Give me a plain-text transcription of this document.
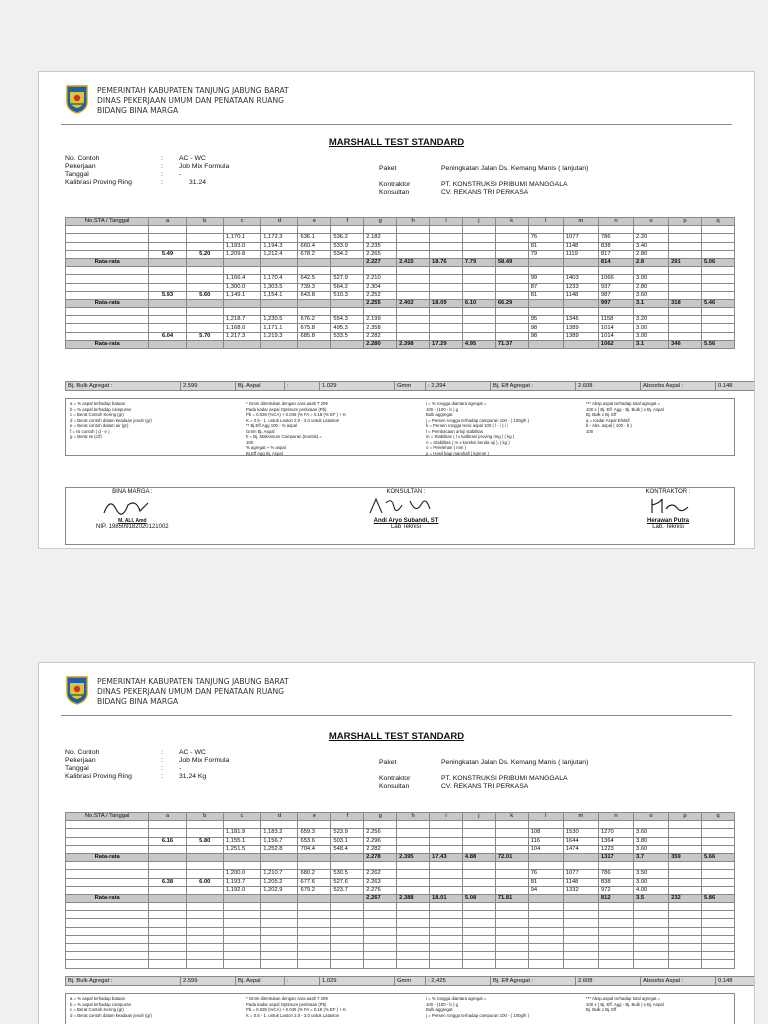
PEMERINTAH KABUPATEN TANJUNG JABUNG BARAT
DINAS PEKERJAAN UMUM DAN PENATAAN RUANG
BIDANG BINA MARGA
MARSHALL TEST STANDARD
No. Contoh	: AC - WC
Pekerjaan	: Job Mix Formula
Tanggal	: -
Kalibrasi Proving Ring	:	31.24
Paket	Peningkatan Jalan Ds. Kemang Manis ( lanjutan)
Kontraktor	PT. KONSTRUKSI PRIBUMI MANGGALA
Konsultan	CV. REKANS TRI PERKASA
No.STA / Tanggal	a	b	c	d	e	f	g	h	i	j	k	l	m	n	o	p	q

			1,170.1	1,172.3	636.1	536.2	2.182					76	1077	786	2.20		
			1,193.0	1,194.3	660.4	533.9	2.235					81	1148	838	3.40		
	5.49	5.20	1,209.8	1,212.4	678.2	534.2	2.265					79	1119	817	2.80		
Rata-rata							2.227	2.415	18.76	7.79	58.49			814	2.8	291	5.06

			1,166.4	1,170.4	642.5	527.9	2.210					99	1403	1066	3.00		
			1,300.0	1,303.5	739.3	564.2	2.304					87	1233	937	2.80		
	5.93	5.60	1,149.1	1,154.1	643.8	510.3	2.252					81	1148	987	3.60		
Rata-rata							2.255	2.402	18.09	6.10	66.29			997	3.1	318	5.46

			1,218.7	1,230.5	676.2	554.3	2.199					95	1346	1158	3.20		
			1,168.0	1,171.1	675.8	495.3	2.358					98	1389	1014	3.00		
	6.04	5.70	1,217.3	1,219.3	685.8	533.5	2.282					98	1389	1014	3.00		
Rata-rata							2.280	2.398	17.29	4.95	71.37			1062	3.1	346	5.56
Bj. Bulk Agregat :	2.599	Bj. Aspal	:	1.029	Gmm	: 2,394	Bj. Eff Agregat :	2.608	Absorbs Aspal :	0.148
a = % aspal terhadap batuan
b = % aspal terhadap campuran
c = Berat Contoh Kering (gr)
d = Berat contoh dalam keadaan jenuh (gr)
e = Berat contoh dalam air (gr)
f = Isi contoh ( d - e )
g = Berat Isi (c/f)
* Gmm ditentukan dengan cara aaslt T 209
Pada kadar aspal Optimum perkiraan (Pb)
Pb = 0.035 (%CA) + 0.045 (% FA = 0.18 (% EF ) + K
K = 0.5 - 1 .untuk Laston 2.0 - 3.0 untuk Lataston
** Bj.Eff.Agg 100 - % aspal
Gmm Bj. Aspal
h = Bj. Maksimum Campuran (teoritis) =
100
% agregat + % aspal
Bj.Eff Agg Bj. Aspal
i = % rongga diantara agregat =
100 - (100 - b ) g
Bulk aggregat
j = Persen rongga terhadap campuran 100 - ( 100g/h )
k = Persen rongga terisi aspal 100 ( l - i ) / i
l = Pembacaan arloji stabilitas
m = Stabilitas ( l x kalibrasi proving ring ) ( kg )
n = Stabilitas ( m x koreksi benda uji ), ( kg )
o = Pelelehan ( mm )
p = Hasil bagi marshall ( kg/mm )
*** Absp.aspal terhadap total agregat =
100 x ( Bj. Eff. Agg - Bj. Bulk ) x Bj. Aspal
Bj. Bulk x Bj. Eff
q = Kadar Aspal Efektif
b - Abs. aspal ( 100 - b )
100
BINA MARGA :
M. ALI, Amd
NIP. 198509182020121002
KONSULTAN :
Andi Aryo Subandi, ST
Lab Teknisi
KONTRAKTOR :
Herawan Putra
Lab. Teknisi
PEMERINTAH KABUPATEN TANJUNG JABUNG BARAT
DINAS PEKERJAAN UMUM DAN PENATAAN RUANG
BIDANG BINA MARGA
MARSHALL TEST STANDARD
No. Contoh	: AC - WC
Pekerjaan	: Job Mix Formula
Tanggal	: -
Kalibrasi Proving Ring	: 31,24 Kg
Paket	Peningkatan Jalan Ds. Kemang Manis ( lanjutan)
Kontraktor	PT. KONSTRUKSI PRIBUMI MANGGALA
Konsultan	CV. REKANS TRI PERKASA
No.STA / Tanggal	a	b	c	d	e	f	g	h	i	j	k	l	m	n	o	p	q

			1,181.9	1,183.2	659.3	523.9	2.256					108	1530	1270	3.60		
	6.16	5.80	1,155.1	1,156.7	653.6	503.1	2.296					116	1644	1364	3.80		
			1,251.5	1,252.8	704.4	548.4	2.282					104	1474	1223	3.60		
Rata-rata							2.278	2.395	17.43	4.88	72.01			1317	3.7	359	5.66

			1,200.0	1,210.7	680.2	530.5	2.262					76	1077	786	3.50		
	6.38	6.00	1,193.7	1,205.2	677.6	527.6	2.263					81	1148	838	3.00		
			1,192.0	1,202.9	679.2	523.7	2.276					94	1332	972	4.00		
Rata-rata							2.267	2.388	18.01	5.08	71.81			812	3.5	232	5.86

Bj. Bulk Agregat :	2.599	Bj. Aspal	:	1.029	Gmm	: 2,425	Bj. Eff Agregat :	2.608	Absorbs Aspal :	0.148
a = % aspal terhadap batuan
b = % aspal terhadap campuran
c = Berat Contoh Kering (gr)
d = Berat contoh dalam keadaan jenuh (gr)
* Gmm ditentukan dengan cara aaslt T 209
Pada kadar aspal Optimum perkiraan (Pb)
Pb = 0.035 (%CA) + 0.045 (% FA = 0.18 (% EF ) + K
K = 0.5 - 1 .untuk Laston 2.0 - 3.0 untuk Lataston
i = % rongga diantara agregat =
100 - (100 - b ) g
Bulk aggregat
j = Persen rongga terhadap campuran 100 - ( 100g/h )
*** Absp.aspal terhadap total agregat =
100 x ( Bj. Eff. Agg - Bj. Bulk ) x Bj. Aspal
Bj. Bulk x Bj. Eff
